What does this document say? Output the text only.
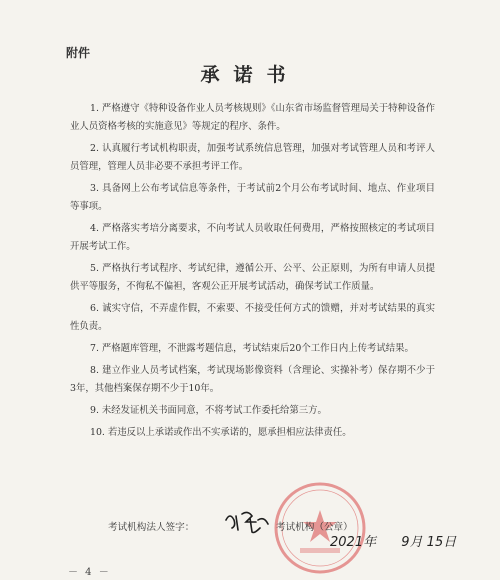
附件
承诺书

1. 严格遵守《特种设备作业人员考核规则》《山东省市场监督管理局关于特种设备作业人员资格考核的实施意见》等规定的程序、条件。

2. 认真履行考试机构职责，加强考试系统信息管理，加强对考试管理人员和考评人员管理，管理人员非必要不承担考评工作。

3. 具备网上公布考试信息等条件，于考试前2个月公布考试时间、地点、作业项目等事项。

4. 严格落实考培分离要求，不向考试人员收取任何费用，严格按照核定的考试项目开展考试工作。

5. 严格执行考试程序、考试纪律，遵循公开、公平、公正原则，为所有申请人员提供平等服务，不徇私不偏袒，客观公正开展考试活动，确保考试工作质量。

6. 诚实守信，不弄虚作假，不索要、不接受任何方式的馈赠，并对考试结果的真实性负责。

7. 严格题库管理，不泄露考题信息，考试结束后20个工作日内上传考试结果。

8. 建立作业人员考试档案，考试现场影像资料（含理论、实操补考）保存期不少于3年，其他档案保存期不少于10年。

9. 未经发证机关书面同意，不将考试工作委托给第三方。

10. 若违反以上承诺或作出不实承诺的，愿承担相应法律责任。

考试机构法人签字：	考试机构（公章）
2021年 9月 15日
－ 4 －
